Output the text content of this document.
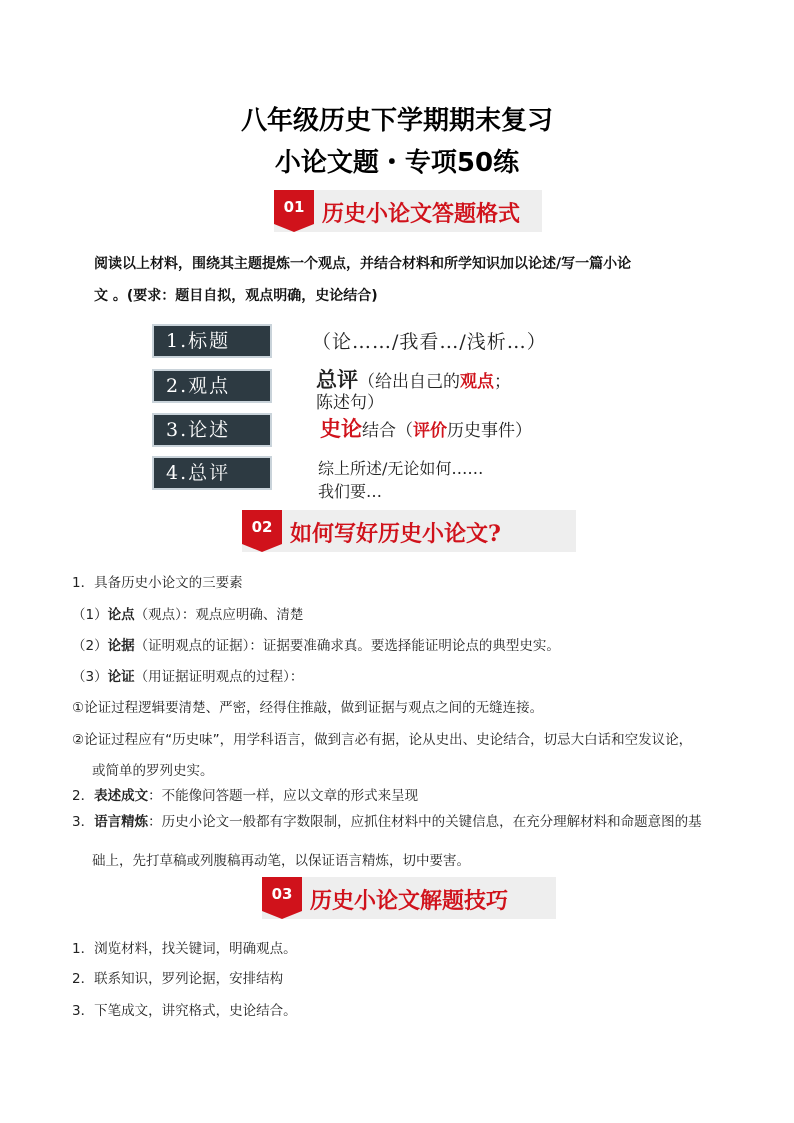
八年级历史下学期期末复习
小论文题・专项50练
01 历史小论文答题格式
阅读以上材料，围绕其主题提炼一个观点，并结合材料和所学知识加以论述/写一篇小论
文 。(要求：题目自拟，观点明确，史论结合)
1.标题
2.观点
3.论述
4.总评
（论……/我看…/浅析…）
总评（给出自己的观点；
陈述句）
史论结合（评价历史事件）
综上所述/无论如何……
我们要…
02 如何写好历史小论文?
1．具备历史小论文的三要素
（1）论点（观点）：观点应明确、清楚
（2）论据（证明观点的证据）：证据要准确求真。要选择能证明论点的典型史实。
（3）论证（用证据证明观点的过程）：
①论证过程逻辑要清楚、严密，经得住推敲，做到证据与观点之间的无缝连接。
②论证过程应有“历史味”，用学科语言，做到言必有据，论从史出、史论结合，切忌大白话和空发议论，
或简单的罗列史实。
2．表述成文：不能像问答题一样，应以文章的形式来呈现
3．语言精炼：历史小论文一般都有字数限制，应抓住材料中的关键信息，在充分理解材料和命题意图的基
础上，先打草稿或列腹稿再动笔，以保证语言精炼，切中要害。
03 历史小论文解题技巧
1．浏览材料，找关键词，明确观点。
2．联系知识，罗列论据，安排结构
3．下笔成文，讲究格式，史论结合。
